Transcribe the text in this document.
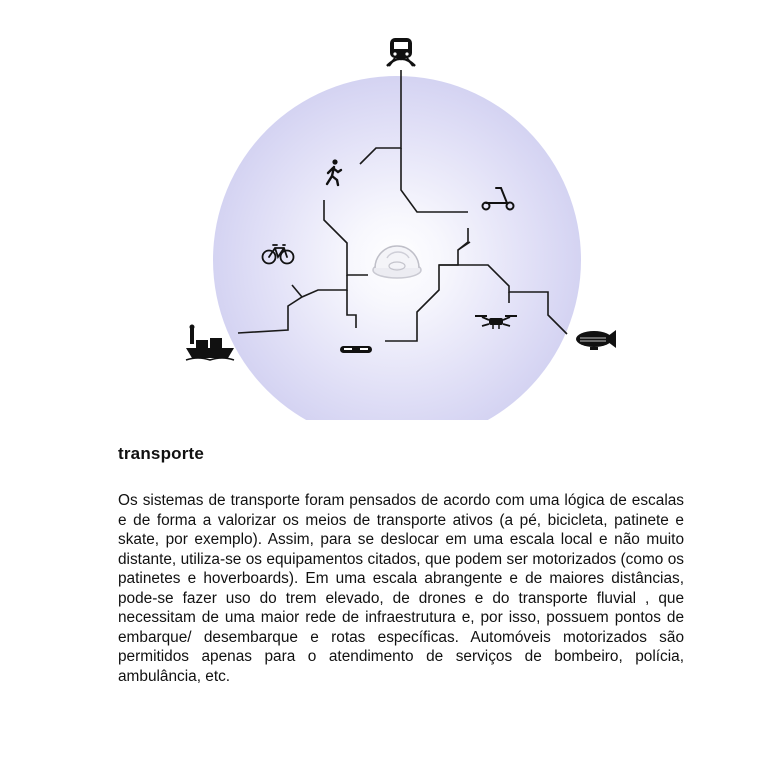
transporte

Os sistemas de transporte foram pensados de acordo com uma lógica de escalas e de forma a valorizar os meios de transporte ativos (a pé, bicicleta, patinete e skate, por exemplo). Assim, para se deslocar em uma escala local e não muito distante, utiliza-se os equipamentos citados, que podem ser motorizados (como os patinetes e hoverboards). Em uma escala abrangente e de maiores distâncias, pode-se fazer uso do trem elevado, de drones e do transporte fluvial , que necessitam de uma maior rede de infraestrutura e, por isso, possuem pontos de embarque/ desembarque e rotas específicas. Automóveis motorizados são permitidos apenas para o atendimento de serviços de bombeiro, polícia, ambulância, etc.
